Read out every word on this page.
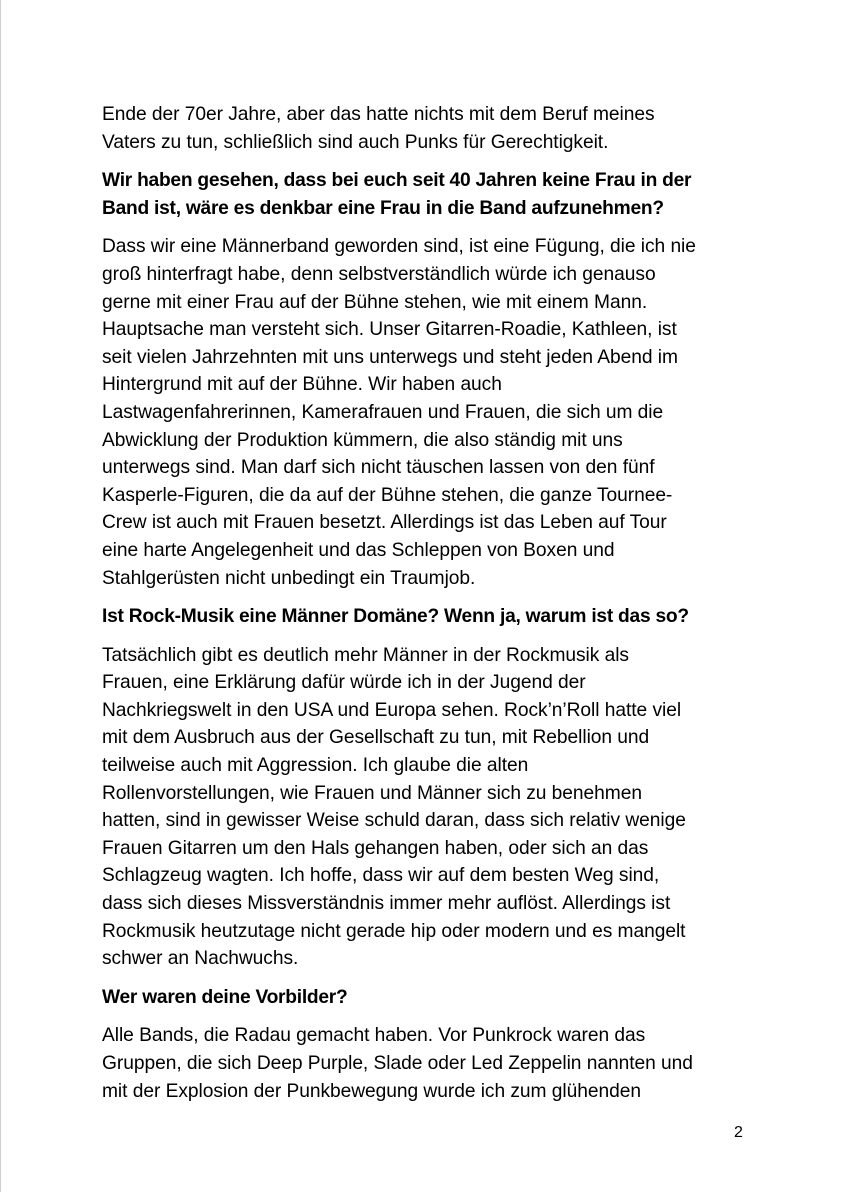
Ende der 70er Jahre, aber das hatte nichts mit dem Beruf meines
Vaters zu tun, schließlich sind auch Punks für Gerechtigkeit.

Wir haben gesehen, dass bei euch seit 40 Jahren keine Frau in der
Band ist, wäre es denkbar eine Frau in die Band aufzunehmen?

Dass wir eine Männerband geworden sind, ist eine Fügung, die ich nie
groß hinterfragt habe, denn selbstverständlich würde ich genauso
gerne mit einer Frau auf der Bühne stehen, wie mit einem Mann.
Hauptsache man versteht sich. Unser Gitarren-Roadie, Kathleen, ist
seit vielen Jahrzehnten mit uns unterwegs und steht jeden Abend im
Hintergrund mit auf der Bühne. Wir haben auch
Lastwagenfahrerinnen, Kamerafrauen und Frauen, die sich um die
Abwicklung der Produktion kümmern, die also ständig mit uns
unterwegs sind. Man darf sich nicht täuschen lassen von den fünf
Kasperle-Figuren, die da auf der Bühne stehen, die ganze Tournee-
Crew ist auch mit Frauen besetzt. Allerdings ist das Leben auf Tour
eine harte Angelegenheit und das Schleppen von Boxen und
Stahlgerüsten nicht unbedingt ein Traumjob.

Ist Rock-Musik eine Männer Domäne? Wenn ja, warum ist das so?

Tatsächlich gibt es deutlich mehr Männer in der Rockmusik als
Frauen, eine Erklärung dafür würde ich in der Jugend der
Nachkriegswelt in den USA und Europa sehen. Rock’n’Roll hatte viel
mit dem Ausbruch aus der Gesellschaft zu tun, mit Rebellion und
teilweise auch mit Aggression. Ich glaube die alten
Rollenvorstellungen, wie Frauen und Männer sich zu benehmen
hatten, sind in gewisser Weise schuld daran, dass sich relativ wenige
Frauen Gitarren um den Hals gehangen haben, oder sich an das
Schlagzeug wagten. Ich hoffe, dass wir auf dem besten Weg sind,
dass sich dieses Missverständnis immer mehr auflöst. Allerdings ist
Rockmusik heutzutage nicht gerade hip oder modern und es mangelt
schwer an Nachwuchs.

Wer waren deine Vorbilder?

Alle Bands, die Radau gemacht haben. Vor Punkrock waren das
Gruppen, die sich Deep Purple, Slade oder Led Zeppelin nannten und
mit der Explosion der Punkbewegung wurde ich zum glühenden

2
